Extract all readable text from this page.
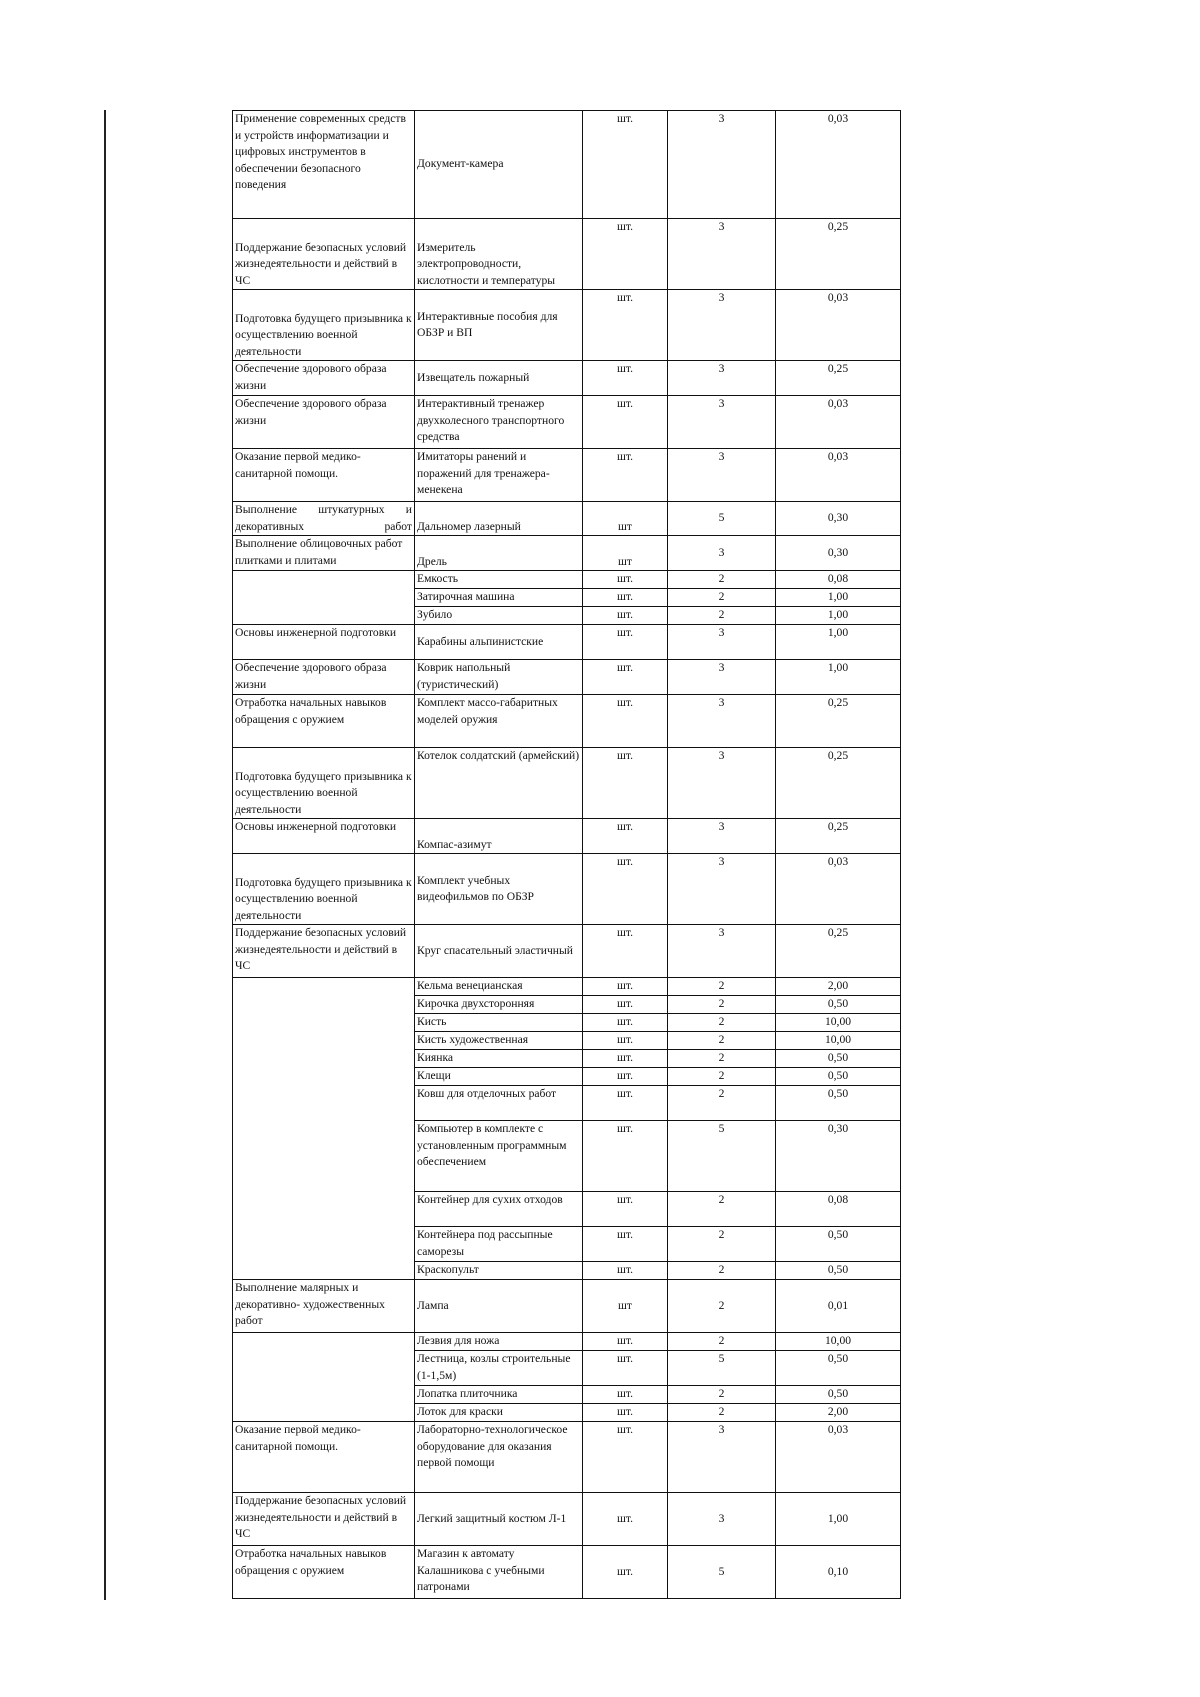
Применение современных средств и устройств информатизации и цифровых инструментов в обеспечении безопасного поведения	Документ-камера	шт.	3	0,03
Поддержание безопасных условий жизнедеятельности и действий в ЧС	Измеритель электропроводности, кислотности и температуры	шт.	3	0,25
Подготовка будущего призывника к осуществлению военной деятельности	Интерактивные пособия для ОБЗР и ВП	шт.	3	0,03
Обеспечение здорового образа жизни	Извещатель пожарный	шт.	3	0,25
Обеспечение здорового образа жизни	Интерактивный тренажер двухколесного транспортного средства	шт.	3	0,03
Оказание первой медико-санитарной помощи.	Имитаторы ранений и поражений для тренажера-менекена	шт.	3	0,03
Выполнение штукатурных и декоративных работ	Дальномер лазерный	шт	5	0,30
Выполнение облицовочных работ плитками и плитами	Дрель	шт	3	0,30
	Емкость	шт.	2	0,08
	Затирочная машина	шт.	2	1,00
	Зубило	шт.	2	1,00
Основы инженерной подготовки	Карабины альпинистские	шт.	3	1,00
Обеспечение здорового образа жизни	Коврик напольный (туристический)	шт.	3	1,00
Отработка начальных навыков обращения с оружием	Комплект массо-габаритных моделей оружия	шт.	3	0,25
Подготовка будущего призывника к осуществлению военной деятельности	Котелок солдатский (армейский)	шт.	3	0,25
Основы инженерной подготовки	Компас-азимут	шт.	3	0,25
Подготовка будущего призывника к осуществлению военной деятельности	Комплект учебных видеофильмов по ОБЗР	шт.	3	0,03
Поддержание безопасных условий жизнедеятельности и действий в ЧС	Круг спасательный эластичный	шт.	3	0,25
	Кельма венецианская	шт.	2	2,00
	Кирочка двухсторонняя	шт.	2	0,50
	Кисть	шт.	2	10,00
	Кисть художественная	шт.	2	10,00
	Киянка	шт.	2	0,50
	Клещи	шт.	2	0,50
	Ковш для отделочных работ	шт.	2	0,50
	Компьютер в комплекте с установленным программным обеспечением	шт.	5	0,30
	Контейнер для сухих отходов	шт.	2	0,08
	Контейнера под рассыпные саморезы	шт.	2	0,50
	Краскопульт	шт.	2	0,50
Выполнение малярных и декоративно- художественных работ	Лампа	шт	2	0,01
	Лезвия для ножа	шт.	2	10,00
	Лестница, козлы строительные (1-1,5м)	шт.	5	0,50
	Лопатка плиточника	шт.	2	0,50
	Лоток для краски	шт.	2	2,00
Оказание первой медико-санитарной помощи.	Лабораторно-технологическое оборудование для оказания первой помощи	шт.	3	0,03
Поддержание безопасных условий жизнедеятельности и действий в ЧС	Легкий защитный костюм Л-1	шт.	3	1,00
Отработка начальных навыков обращения с оружием	Магазин к автомату Калашникова с учебными патронами	шт.	5	0,10
